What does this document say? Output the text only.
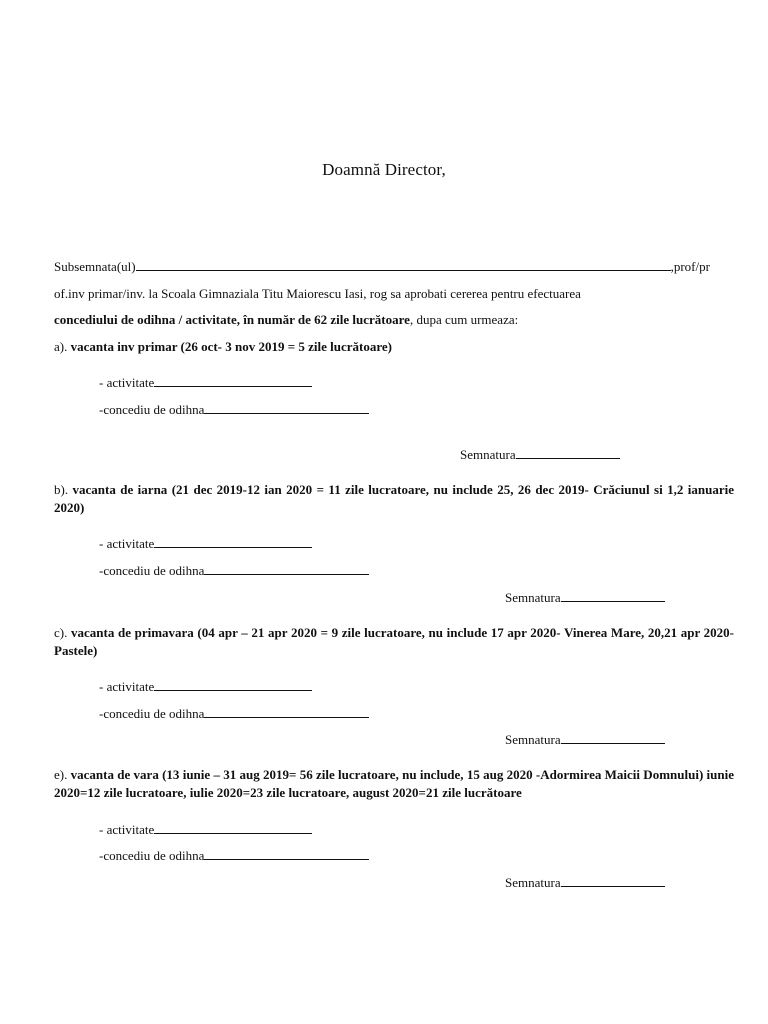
Doamnă Director,
Subsemnata(ul)	,prof/pr
of.inv primar/inv. la Scoala Gimnaziala Titu Maiorescu Iasi, rog sa aprobati cererea pentru efectuarea
concediului de odihna / activitate, în număr de 62 zile lucrătoare, dupa cum urmeaza:
a). vacanta inv primar (26 oct- 3 nov 2019 = 5 zile lucrătoare)
- activitate
-concediu de odihna
Semnatura
b). vacanta de iarna (21 dec 2019-12 ian 2020 = 11 zile lucratoare, nu include 25, 26 dec 2019- Crăciunul si 1,2 ianuarie 2020)
- activitate
-concediu de odihna
Semnatura
c). vacanta de primavara (04 apr – 21 apr 2020 = 9 zile lucratoare, nu include 17 apr 2020- Vinerea Mare, 20,21 apr 2020- Pastele)
- activitate
-concediu de odihna
Semnatura
e). vacanta de vara (13 iunie – 31 aug 2019= 56 zile lucratoare, nu include, 15 aug 2020 -Adormirea Maicii Domnului) iunie 2020=12 zile lucratoare, iulie 2020=23 zile lucratoare, august 2020=21 zile lucrătoare
- activitate
-concediu de odihna
Semnatura
